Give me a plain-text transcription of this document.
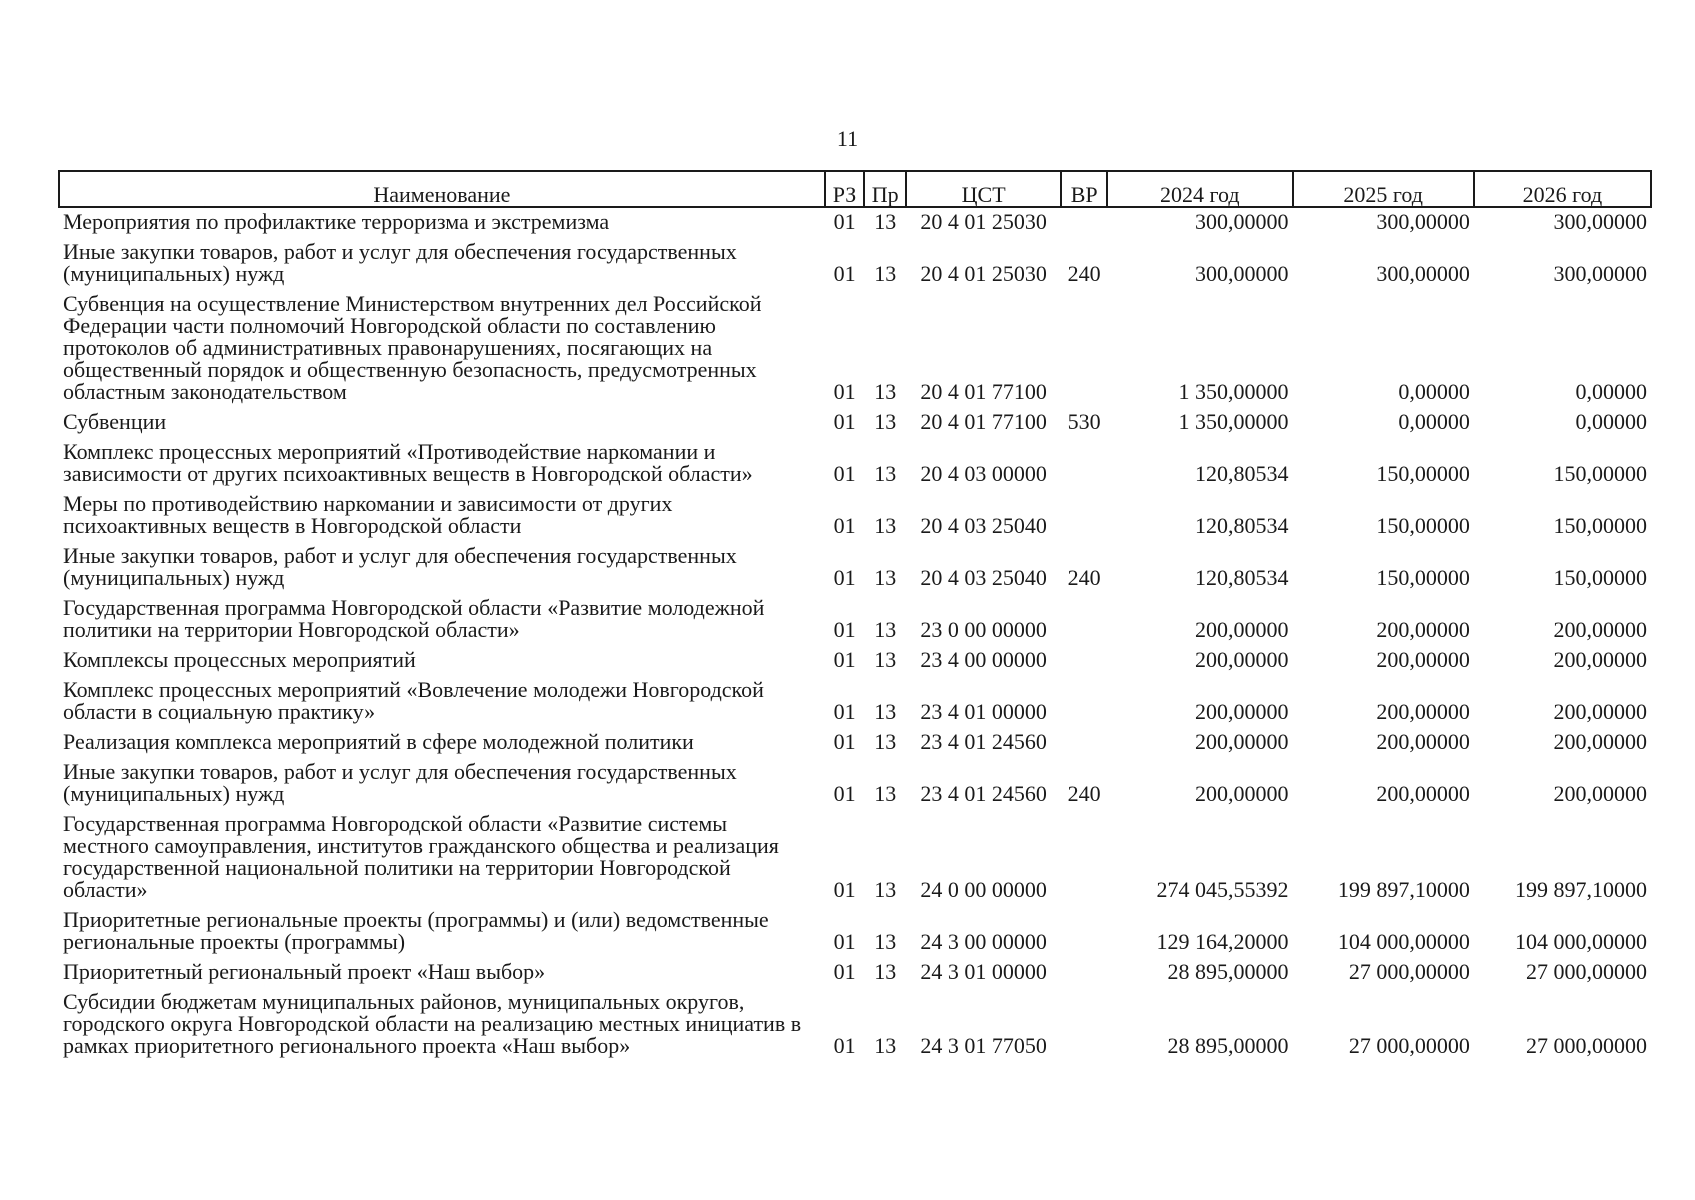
11
Наименование	РЗ	Пр	ЦСТ	ВР	2024 год	2025 год	2026 год
Мероприятия по профилактике терроризма и экстремизма	01	13	20 4 01 25030		300,00000	300,00000	300,00000
Иные закупки товаров, работ и услуг для обеспечения государственных (муниципальных) нужд	01	13	20 4 01 25030	240	300,00000	300,00000	300,00000
Субвенция на осуществление Министерством внутренних дел Российской Федерации части полномочий Новгородской области по составлению протоколов об административных правонарушениях, посягающих на общественный порядок и общественную безопасность, предусмотренных областным законодательством	01	13	20 4 01 77100		1 350,00000	0,00000	0,00000
Субвенции	01	13	20 4 01 77100	530	1 350,00000	0,00000	0,00000
Комплекс процессных мероприятий «Противодействие наркомании и зависимости от других психоактивных веществ в Новгородской области»	01	13	20 4 03 00000		120,80534	150,00000	150,00000
Меры по противодействию наркомании и зависимости от других психоактивных веществ в Новгородской области	01	13	20 4 03 25040		120,80534	150,00000	150,00000
Иные закупки товаров, работ и услуг для обеспечения государственных (муниципальных) нужд	01	13	20 4 03 25040	240	120,80534	150,00000	150,00000
Государственная программа Новгородской области «Развитие молодежной политики на территории Новгородской области»	01	13	23 0 00 00000		200,00000	200,00000	200,00000
Комплексы процессных мероприятий	01	13	23 4 00 00000		200,00000	200,00000	200,00000
Комплекс процессных мероприятий «Вовлечение молодежи Новгородской области в социальную практику»	01	13	23 4 01 00000		200,00000	200,00000	200,00000
Реализация комплекса мероприятий в сфере молодежной политики	01	13	23 4 01 24560		200,00000	200,00000	200,00000
Иные закупки товаров, работ и услуг для обеспечения государственных (муниципальных) нужд	01	13	23 4 01 24560	240	200,00000	200,00000	200,00000
Государственная программа Новгородской области «Развитие системы местного самоуправления, институтов гражданского общества и реализация государственной национальной политики на территории Новгородской области»	01	13	24 0 00 00000		274 045,55392	199 897,10000	199 897,10000
Приоритетные региональные проекты (программы) и (или) ведомственные региональные проекты (программы)	01	13	24 3 00 00000		129 164,20000	104 000,00000	104 000,00000
Приоритетный региональный проект «Наш выбор»	01	13	24 3 01 00000		28 895,00000	27 000,00000	27 000,00000
Субсидии бюджетам муниципальных районов, муниципальных округов, городского округа Новгородской области на реализацию местных инициатив в рамках приоритетного регионального проекта «Наш выбор»	01	13	24 3 01 77050		28 895,00000	27 000,00000	27 000,00000
